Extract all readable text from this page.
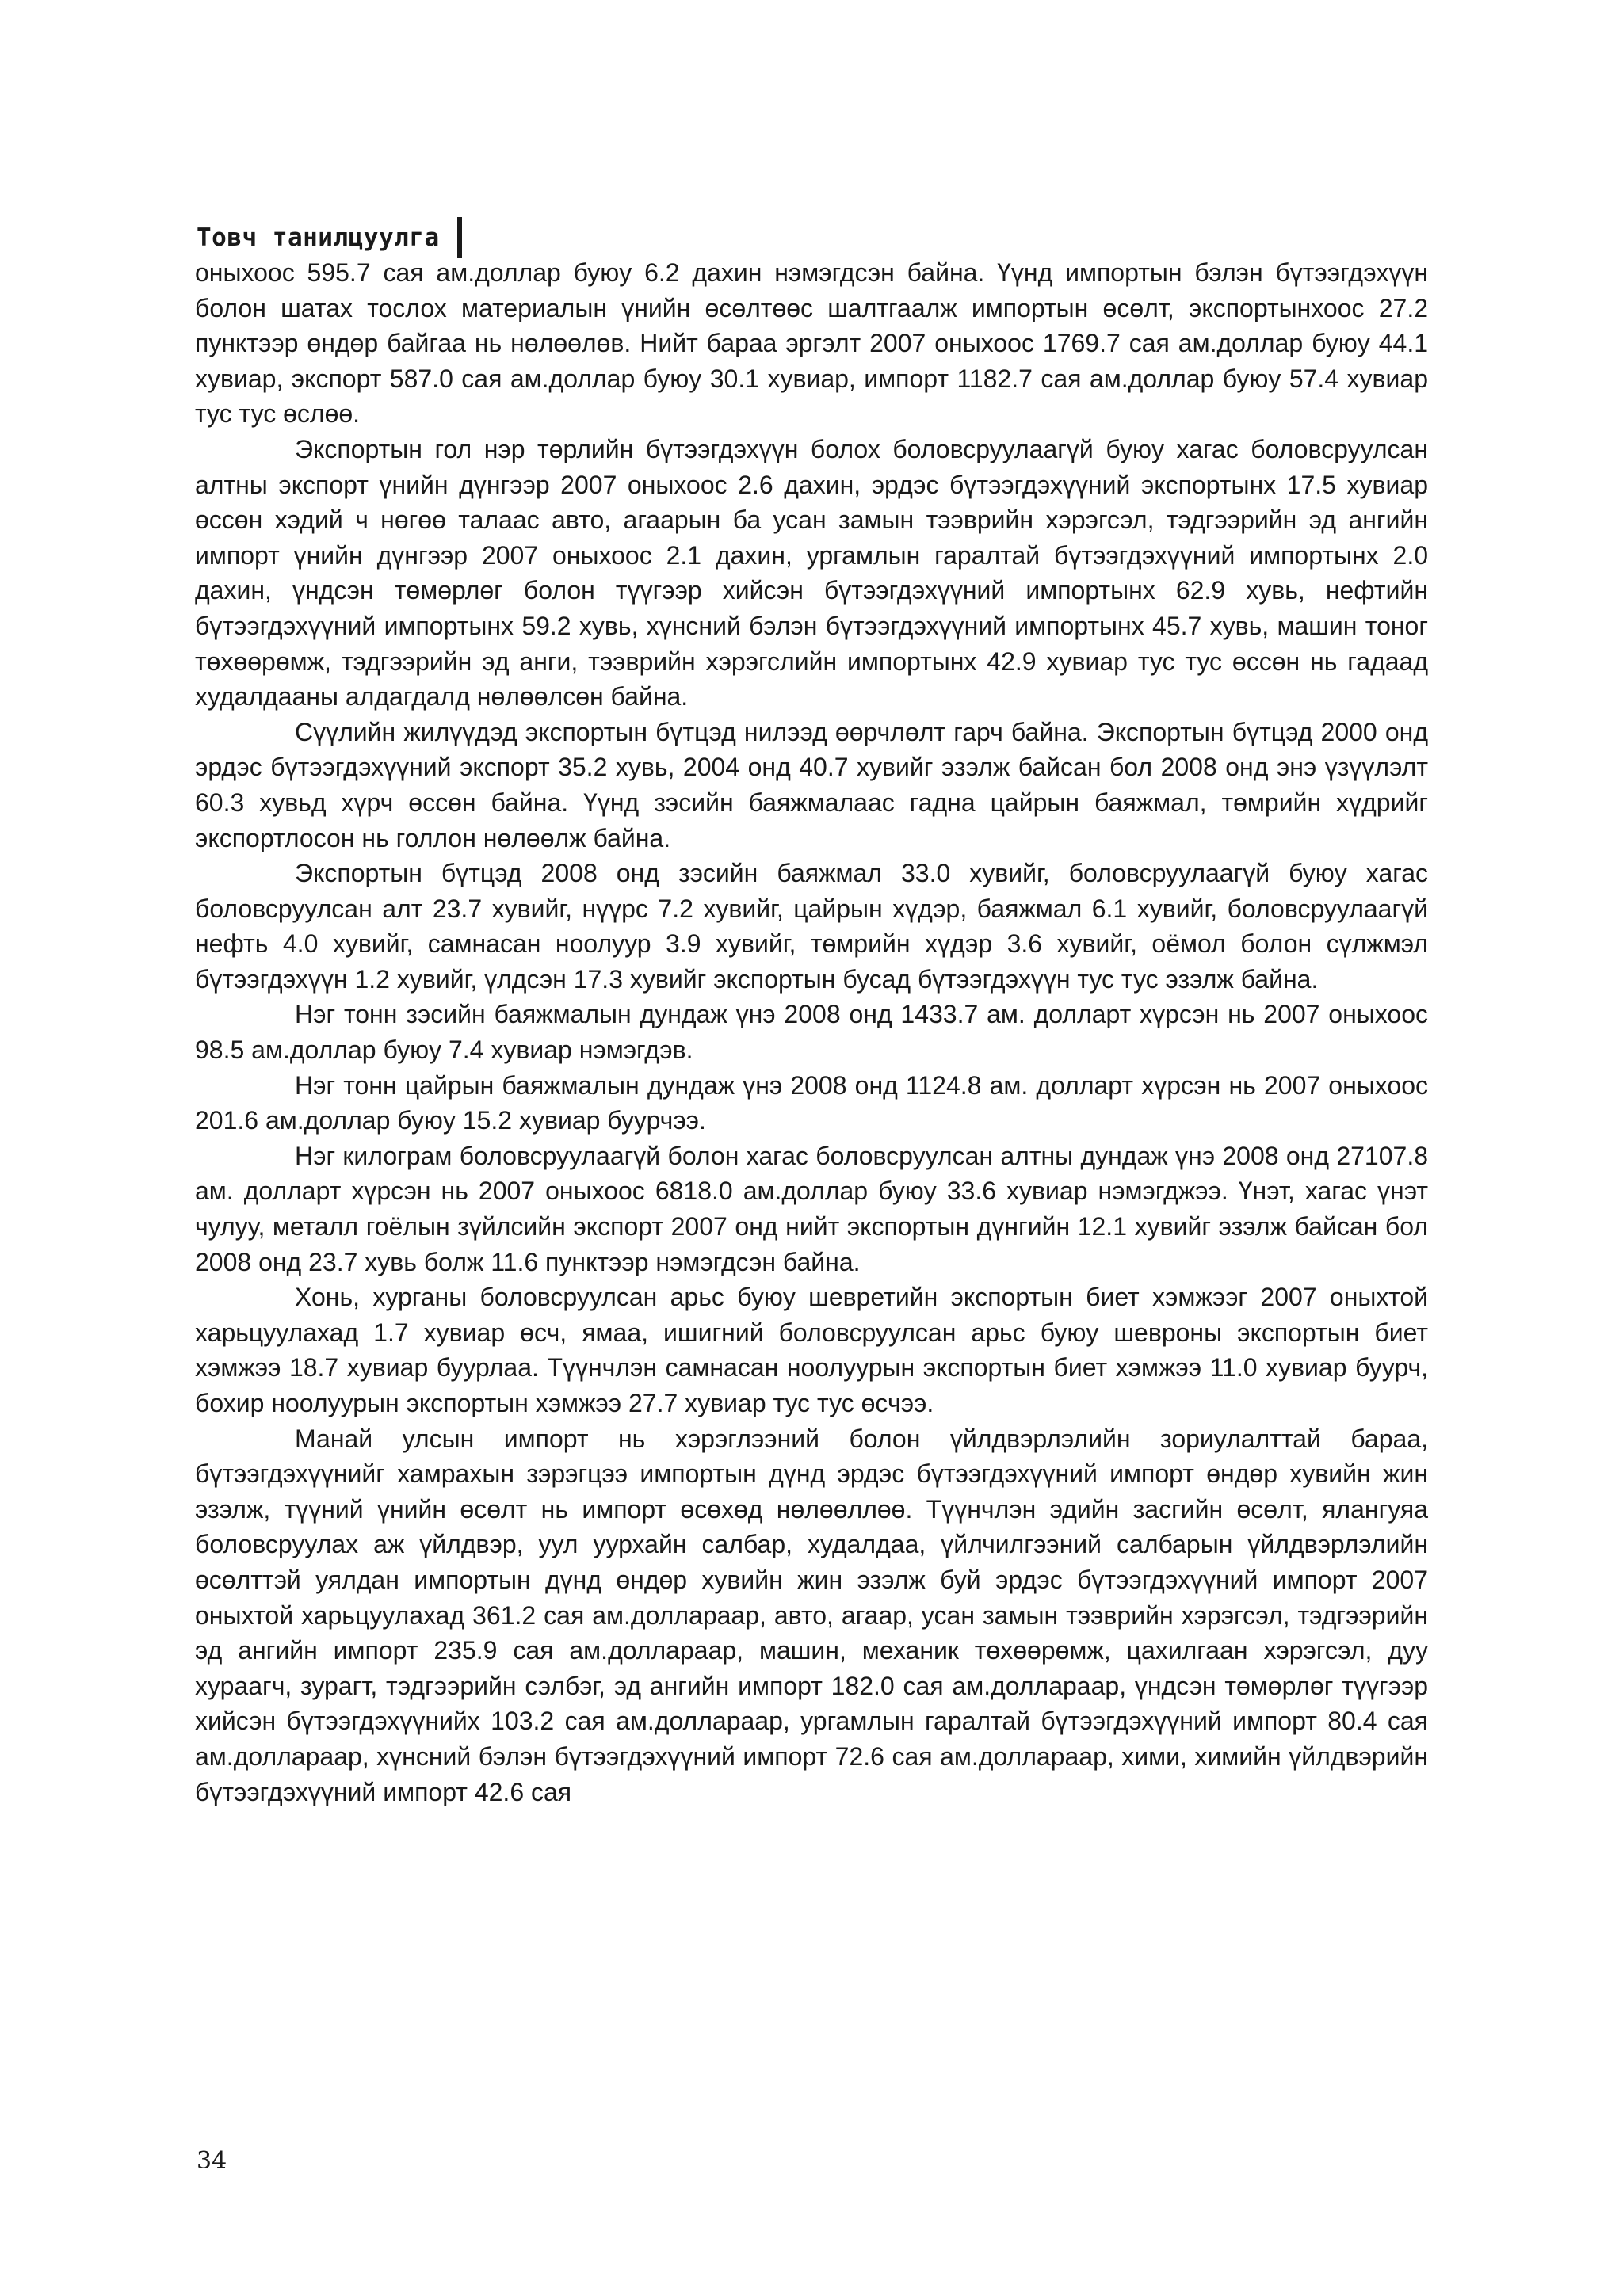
Товч танилцуулга

оныхоос 595.7 сая ам.доллар буюу 6.2 дахин нэмэгдсэн байна. Үүнд импортын бэлэн бүтээгдэхүүн болон шатах тослох материалын үнийн өсөлтөөс шалтгаалж импортын өсөлт, экспортынхоос 27.2 пунктээр өндөр байгаа нь нөлөөлөв. Нийт бараа эргэлт 2007 оныхоос 1769.7 сая ам.доллар буюу 44.1 хувиар, экспорт 587.0 сая ам.доллар буюу 30.1 хувиар, импорт 1182.7 сая ам.доллар буюу 57.4 хувиар тус тус өслөө.

Экспортын гол нэр төрлийн бүтээгдэхүүн болох боловсруулаагүй буюу хагас боловсруулсан алтны экспорт үнийн дүнгээр 2007 оныхоос 2.6 дахин, эрдэс бүтээгдэхүүний экспортынх 17.5 хувиар өссөн хэдий ч нөгөө талаас авто, агаарын ба усан замын тээврийн хэрэгсэл, тэдгээрийн эд ангийн импорт үнийн дүнгээр 2007 оныхоос 2.1 дахин, ургамлын гаралтай бүтээгдэхүүний импортынх 2.0 дахин, үндсэн төмөрлөг болон түүгээр хийсэн бүтээгдэхүүний импортынх 62.9 хувь, нефтийн бүтээгдэхүүний импортынх 59.2 хувь, хүнсний бэлэн бүтээгдэхүүний импортынх 45.7 хувь, машин тоног төхөөрөмж, тэдгээрийн эд анги, тээврийн хэрэгслийн импортынх 42.9 хувиар тус тус өссөн нь гадаад худалдааны алдагдалд нөлөөлсөн байна.

Сүүлийн жилүүдэд экспортын бүтцэд нилээд өөрчлөлт гарч байна. Экспортын бүтцэд 2000 онд эрдэс бүтээгдэхүүний экспорт 35.2 хувь, 2004 онд 40.7 хувийг эзэлж байсан бол 2008 онд энэ үзүүлэлт 60.3 хувьд хүрч өссөн байна. Үүнд зэсийн баяжмалаас гадна цайрын баяжмал, төмрийн хүдрийг экспортлосон нь голлон нөлөөлж байна.

Экспортын бүтцэд 2008 онд зэсийн баяжмал 33.0 хувийг, боловсруулаагүй буюу хагас боловсруулсан алт 23.7 хувийг, нүүрс 7.2 хувийг, цайрын хүдэр, баяжмал 6.1 хувийг, боловсруулаагүй нефть 4.0 хувийг, самнасан ноолуур 3.9 хувийг, төмрийн хүдэр 3.6 хувийг, оёмол болон сүлжмэл бүтээгдэхүүн 1.2 хувийг, үлдсэн 17.3 хувийг экспортын бусад бүтээгдэхүүн тус тус эзэлж байна.

Нэг тонн зэсийн баяжмалын дундаж үнэ 2008 онд 1433.7 ам. долларт хүрсэн нь 2007 оныхоос 98.5 ам.доллар буюу 7.4 хувиар нэмэгдэв.

Нэг тонн цайрын баяжмалын дундаж үнэ 2008 онд 1124.8 ам. долларт хүрсэн нь 2007 оныхоос 201.6 ам.доллар буюу 15.2 хувиар буурчээ.

Нэг килограм боловсруулаагүй болон хагас боловсруулсан алтны дундаж үнэ 2008 онд 27107.8 ам. долларт хүрсэн нь 2007 оныхоос 6818.0 ам.доллар буюу 33.6 хувиар нэмэгджээ. Үнэт, хагас үнэт чулуу, металл гоёлын зүйлсийн экспорт 2007 онд нийт экспортын дүнгийн 12.1 хувийг эзэлж байсан бол 2008 онд 23.7 хувь болж 11.6 пунктээр нэмэгдсэн байна.

Хонь, хурганы боловсруулсан арьс буюу шевретийн экспортын биет хэмжээг 2007 оныхтой харьцуулахад 1.7 хувиар өсч, ямаа, ишигний боловсруулсан арьс буюу шевроны экспортын биет хэмжээ 18.7 хувиар буурлаа. Түүнчлэн самнасан ноолуурын экспортын биет хэмжээ 11.0 хувиар буурч, бохир ноолуурын экспортын хэмжээ 27.7 хувиар тус тус өсчээ.

Манай улсын импорт нь хэрэглээний болон үйлдвэрлэлийн зориулалттай бараа, бүтээгдэхүүнийг хамрахын зэрэгцээ импортын дүнд эрдэс бүтээгдэхүүний импорт өндөр хувийн жин эзэлж, түүний үнийн өсөлт нь импорт өсөхөд нөлөөллөө. Түүнчлэн эдийн засгийн өсөлт, ялангуяа боловсруулах аж үйлдвэр, уул уурхайн салбар, худалдаа, үйлчилгээний салбарын үйлдвэрлэлийн өсөлттэй уялдан импортын дүнд өндөр хувийн жин эзэлж буй эрдэс бүтээгдэхүүний импорт 2007 оныхтой харьцуулахад 361.2 сая ам.доллараар, авто, агаар, усан замын тээврийн хэрэгсэл, тэдгээрийн эд ангийн импорт 235.9 сая ам.доллараар, машин, механик төхөөрөмж, цахилгаан хэрэгсэл, дуу хураагч, зурагт, тэдгээрийн сэлбэг, эд ангийн импорт 182.0 сая ам.доллараар, үндсэн төмөрлөг түүгээр хийсэн бүтээгдэхүүнийх 103.2 сая ам.доллараар, ургамлын гаралтай бүтээгдэхүүний импорт 80.4 сая ам.доллараар, хүнсний бэлэн бүтээгдэхүүний импорт 72.6 сая ам.доллараар, хими, химийн үйлдвэрийн бүтээгдэхүүний импорт 42.6 сая

34
